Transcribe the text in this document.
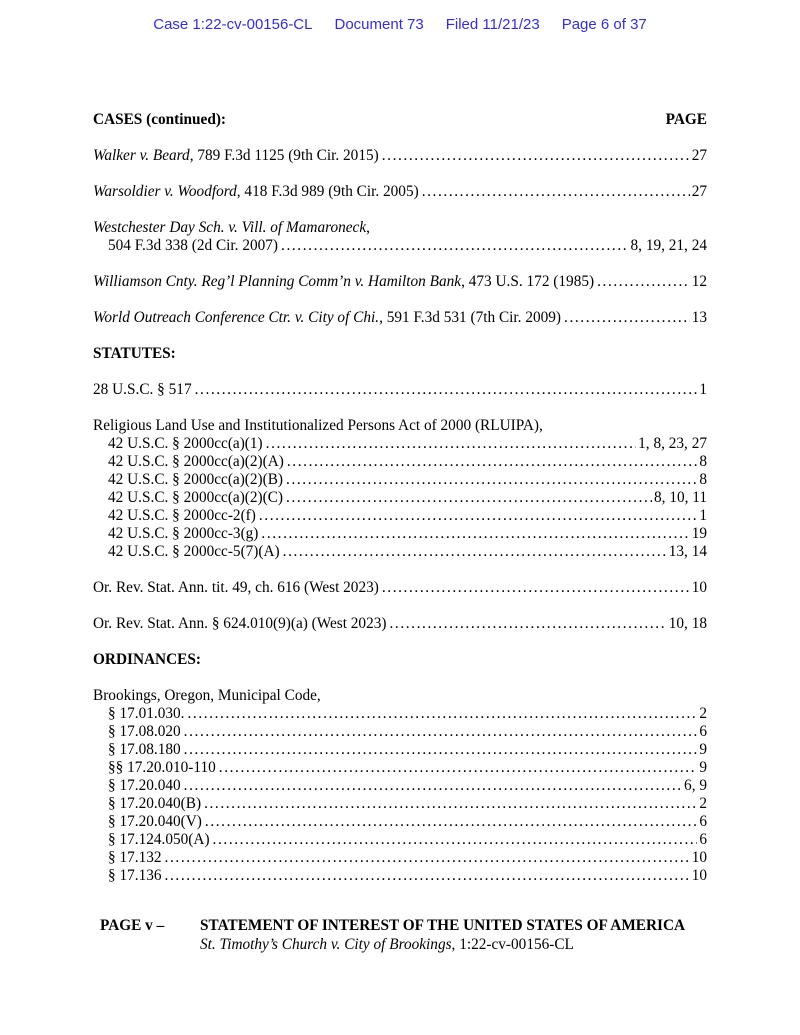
Case 1:22-cv-00156-CL Document 73 Filed 11/21/23 Page 6 of 37
CASES (continued):	PAGE
Walker v. Beard, 789 F.3d 1125 (9th Cir. 2015) .....	27
Warsoldier v. Woodford, 418 F.3d 989 (9th Cir. 2005) .....	27
Westchester Day Sch. v. Vill. of Mamaroneck,
504 F.3d 338 (2d Cir. 2007) .....	8, 19, 21, 24
Williamson Cnty. Reg’l Planning Comm’n v. Hamilton Bank, 473 U.S. 172 (1985) .....	12
World Outreach Conference Ctr. v. City of Chi., 591 F.3d 531 (7th Cir. 2009) .....	13
STATUTES:
28 U.S.C. § 517 .....	1
Religious Land Use and Institutionalized Persons Act of 2000 (RLUIPA),
42 U.S.C. § 2000cc(a)(1) .....	1, 8, 23, 27
42 U.S.C. § 2000cc(a)(2)(A) .....	8
42 U.S.C. § 2000cc(a)(2)(B) .....	8
42 U.S.C. § 2000cc(a)(2)(C) .....	8, 10, 11
42 U.S.C. § 2000cc-2(f) .....	1
42 U.S.C. § 2000cc-3(g) .....	19
42 U.S.C. § 2000cc-5(7)(A) .....	13, 14
Or. Rev. Stat. Ann. tit. 49, ch. 616 (West 2023) .....	10
Or. Rev. Stat. Ann. § 624.010(9)(a) (West 2023) .....	10, 18
ORDINANCES:
Brookings, Oregon, Municipal Code,
§ 17.01.030. .....	2
§ 17.08.020 .....	6
§ 17.08.180 .....	9
§§ 17.20.010-110 .....	9
§ 17.20.040 .....	6, 9
§ 17.20.040(B) .....	2
§ 17.20.040(V) .....	6
§ 17.124.050(A) .....	6
§ 17.132 .....	10
§ 17.136 .....	10
PAGE v –	STATEMENT OF INTEREST OF THE UNITED STATES OF AMERICA
St. Timothy’s Church v. City of Brookings, 1:22-cv-00156-CL
